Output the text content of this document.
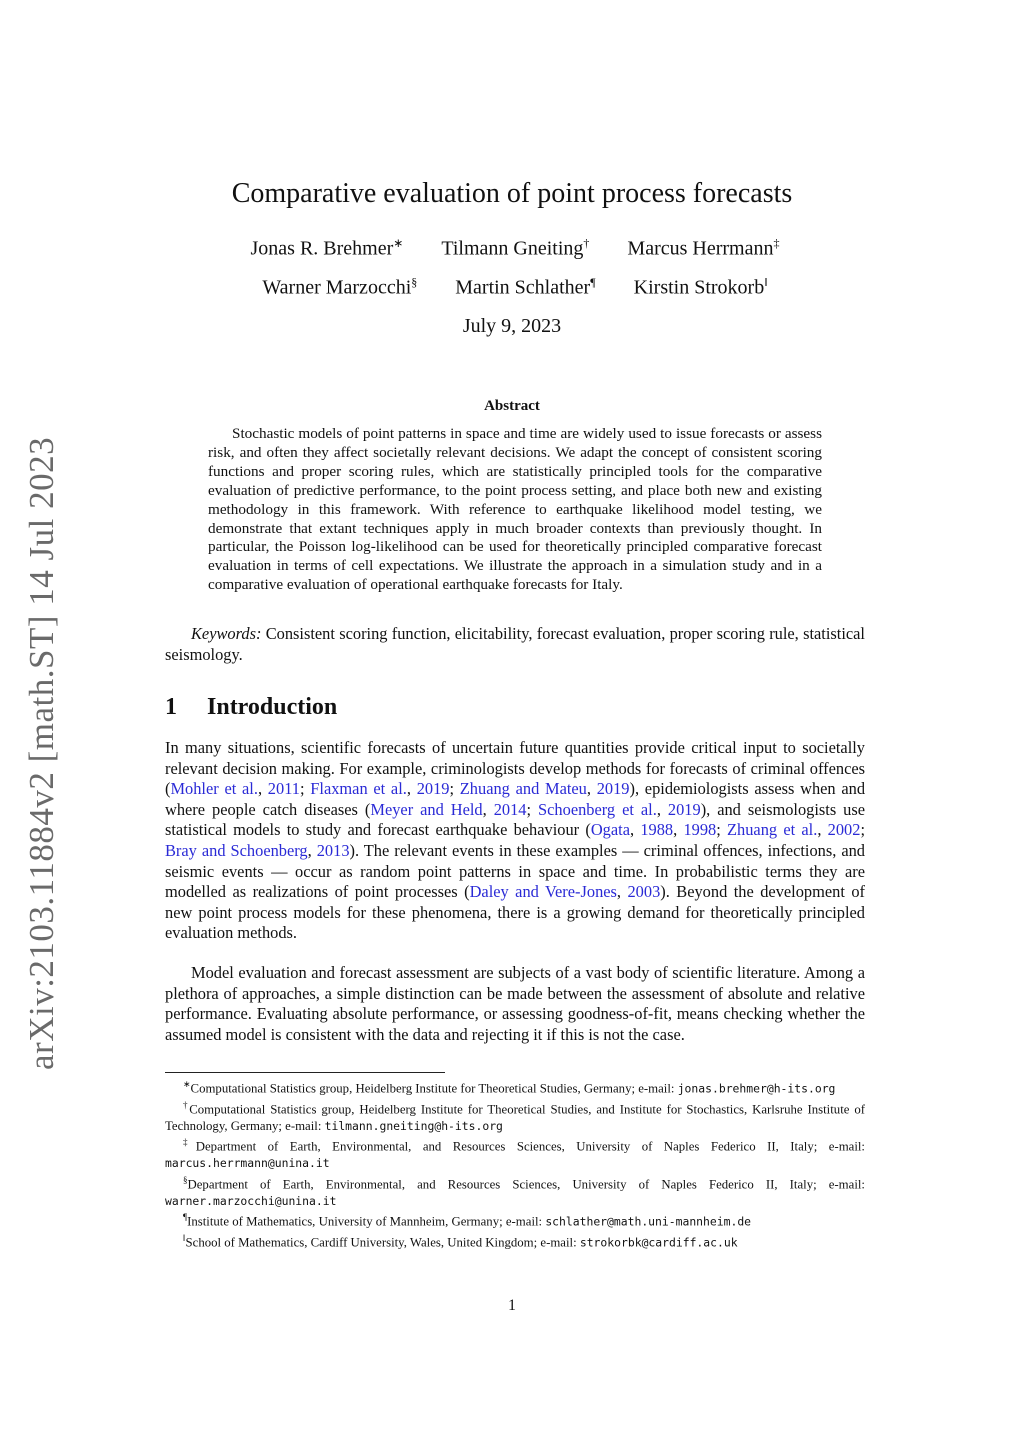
arXiv:2103.11884v2 [math.ST] 14 Jul 2023
Comparative evaluation of point process forecasts
Jonas R. Brehmer∗ Tilmann Gneiting† Marcus Herrmann‡
Warner Marzocchi§ Martin Schlather¶ Kirstin Strokorb‖
July 9, 2023
Abstract
Stochastic models of point patterns in space and time are widely used to issue forecasts or assess risk, and often they affect societally relevant decisions. We adapt the concept of consistent scoring functions and proper scoring rules, which are statistically principled tools for the comparative evaluation of predictive performance, to the point process setting, and place both new and existing methodology in this framework. With reference to earthquake likelihood model testing, we demonstrate that extant techniques apply in much broader contexts than previously thought. In particular, the Poisson log-likelihood can be used for theoretically principled comparative forecast evaluation in terms of cell expectations. We illustrate the approach in a simulation study and in a comparative evaluation of operational earthquake forecasts for Italy.
Keywords: Consistent scoring function, elicitability, forecast evaluation, proper scoring rule, statistical seismology.
1 Introduction

In many situations, scientific forecasts of uncertain future quantities provide critical input to societally relevant decision making. For example, criminologists develop methods for forecasts of criminal offences (Mohler et al., 2011; Flaxman et al., 2019; Zhuang and Mateu, 2019), epidemiologists assess when and where people catch diseases (Meyer and Held, 2014; Schoenberg et al., 2019), and seismologists use statistical models to study and forecast earthquake behaviour (Ogata, 1988, 1998; Zhuang et al., 2002; Bray and Schoenberg, 2013). The relevant events in these examples — criminal offences, infections, and seismic events — occur as random point patterns in space and time. In probabilistic terms they are modelled as realizations of point processes (Daley and Vere-Jones, 2003). Beyond the development of new point process models for these phenomena, there is a growing demand for theoretically principled evaluation methods.

Model evaluation and forecast assessment are subjects of a vast body of scientific literature. Among a plethora of approaches, a simple distinction can be made between the assessment of absolute and relative performance. Evaluating absolute performance, or assessing goodness-of-fit, means checking whether the assumed model is consistent with the data and rejecting it if this is not the case.

∗Computational Statistics group, Heidelberg Institute for Theoretical Studies, Germany; e-mail: jonas.brehmer@h-its.org

†Computational Statistics group, Heidelberg Institute for Theoretical Studies, and Institute for Stochastics, Karlsruhe Institute of Technology, Germany; e-mail: tilmann.gneiting@h-its.org

‡Department of Earth, Environmental, and Resources Sciences, University of Naples Federico II, Italy; e-mail: marcus.herrmann@unina.it

§Department of Earth, Environmental, and Resources Sciences, University of Naples Federico II, Italy; e-mail: warner.marzocchi@unina.it

¶Institute of Mathematics, University of Mannheim, Germany; e-mail: schlather@math.uni-mannheim.de

‖School of Mathematics, Cardiff University, Wales, United Kingdom; e-mail: strokorbk@cardiff.ac.uk

1
